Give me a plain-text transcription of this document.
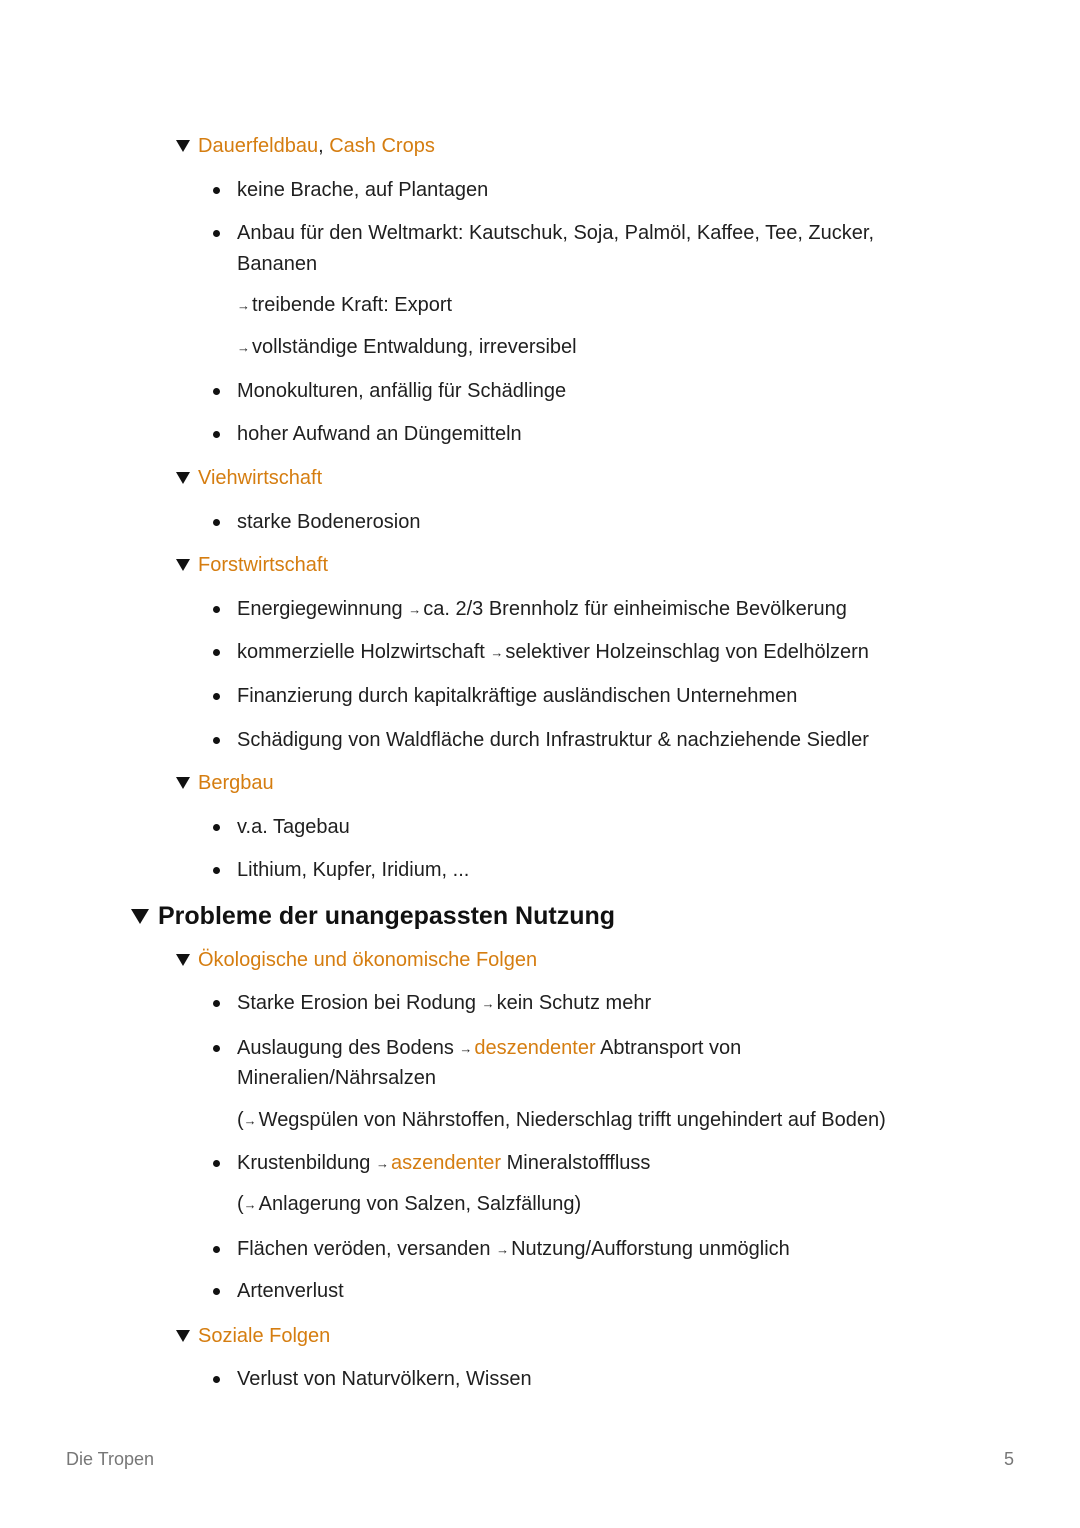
Dauerfeldbau, Cash Crops
keine Brache, auf Plantagen
Anbau für den Weltmarkt: Kautschuk, Soja, Palmöl, Kaffee, Tee, Zucker,
Bananen
→ treibende Kraft: Export
→ vollständige Entwaldung, irreversibel
Monokulturen, anfällig für Schädlinge
hoher Aufwand an Düngemitteln
Viehwirtschaft
starke Bodenerosion
Forstwirtschaft
Energiegewinnung → ca. 2/3 Brennholz für einheimische Bevölkerung
kommerzielle Holzwirtschaft → selektiver Holzeinschlag von Edelhölzern
Finanzierung durch kapitalkräftige ausländischen Unternehmen
Schädigung von Waldfläche durch Infrastruktur & nachziehende Siedler
Bergbau
v.a. Tagebau
Lithium, Kupfer, Iridium, ...
Probleme der unangepassten Nutzung
Ökologische und ökonomische Folgen
Starke Erosion bei Rodung → kein Schutz mehr
Auslaugung des Bodens → deszendenter Abtransport von
Mineralien/Nährsalzen
(→ Wegspülen von Nährstoffen, Niederschlag trifft ungehindert auf Boden)
Krustenbildung → aszendenter Mineralstofffluss
(→ Anlagerung von Salzen, Salzfällung)
Flächen veröden, versanden → Nutzung/Aufforstung unmöglich
Artenverlust
Soziale Folgen
Verlust von Naturvölkern, Wissen
Die Tropen	5
